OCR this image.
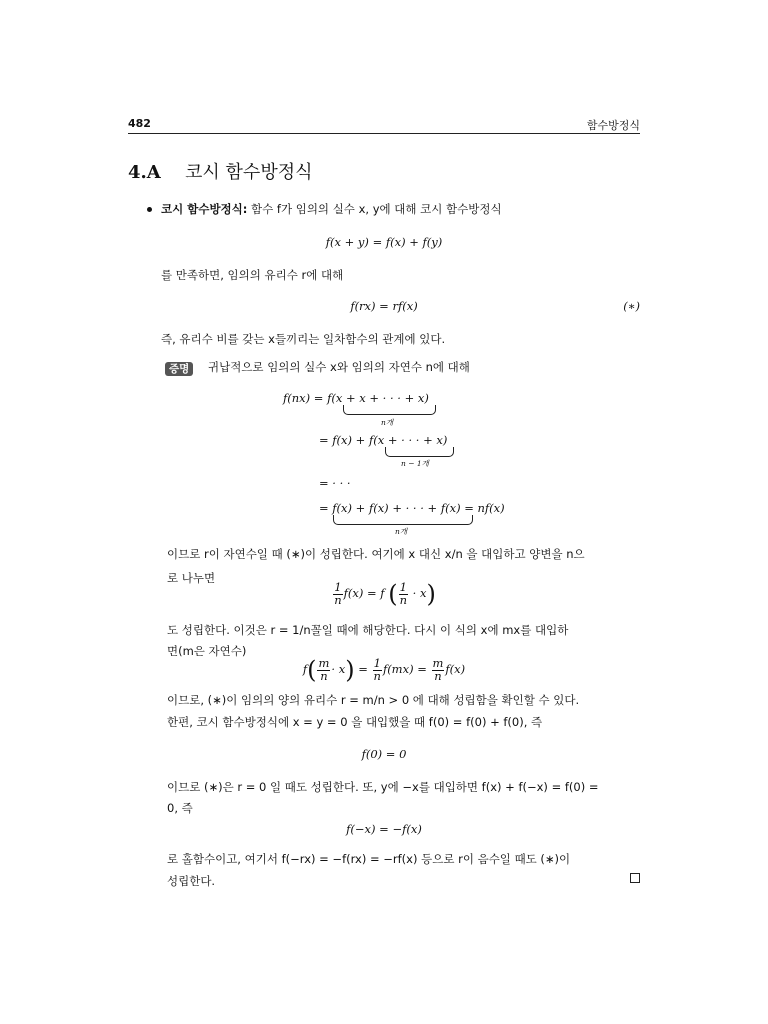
482	함수방정식
4.A 코시 함수방정식
코시 함수방정식: 함수 f가 임의의 실수 x, y에 대해 코시 함수방정식
f(x + y) = f(x) + f(y)
를 만족하면, 임의의 유리수 r에 대해
f(rx) = rf(x)	(∗)
즉, 유리수 비를 갖는 x들끼리는 일차함수의 관계에 있다.
증명	귀납적으로 임의의 실수 x와 임의의 자연수 n에 대해
f(nx) = f(x + x + · · · + x)
n개
= f(x) + f(x + · · · + x)
n − 1개
= · · ·
= f(x) + f(x) + · · · + f(x) = nf(x)
n개
이므로 r이 자연수일 때 (∗)이 성립한다. 여기에 x 대신 x/n 을 대입하고 양변을 n으
로 나누면
$\frac{1}{n} f(x) = f$ ( $\frac{1}{n} \cdot x$)
도 성립한다. 이것은 r = 1/n꼴일 때에 해당한다. 다시 이 식의 x에 mx를 대입하
면(m은 자연수)
$f( \frac{m}{n} \cdot x) = \frac{1}{n} f(mx) = \frac{m}{n} f(x)$
이므로, (∗)이 임의의 양의 유리수 r = m/n > 0 에 대해 성립함을 확인할 수 있다.
한편, 코시 함수방정식에 x = y = 0 을 대입했을 때 f(0) = f(0) + f(0), 즉
f(0) = 0
이므로 (∗)은 r = 0 일 때도 성립한다. 또, y에 −x를 대입하면 f(x) + f(−x) = f(0) =
0, 즉
f(−x) = −f(x)
로 홀함수이고, 여기서 f(−rx) = −f(rx) = −rf(x) 등으로 r이 음수일 때도 (∗)이
성립한다.
